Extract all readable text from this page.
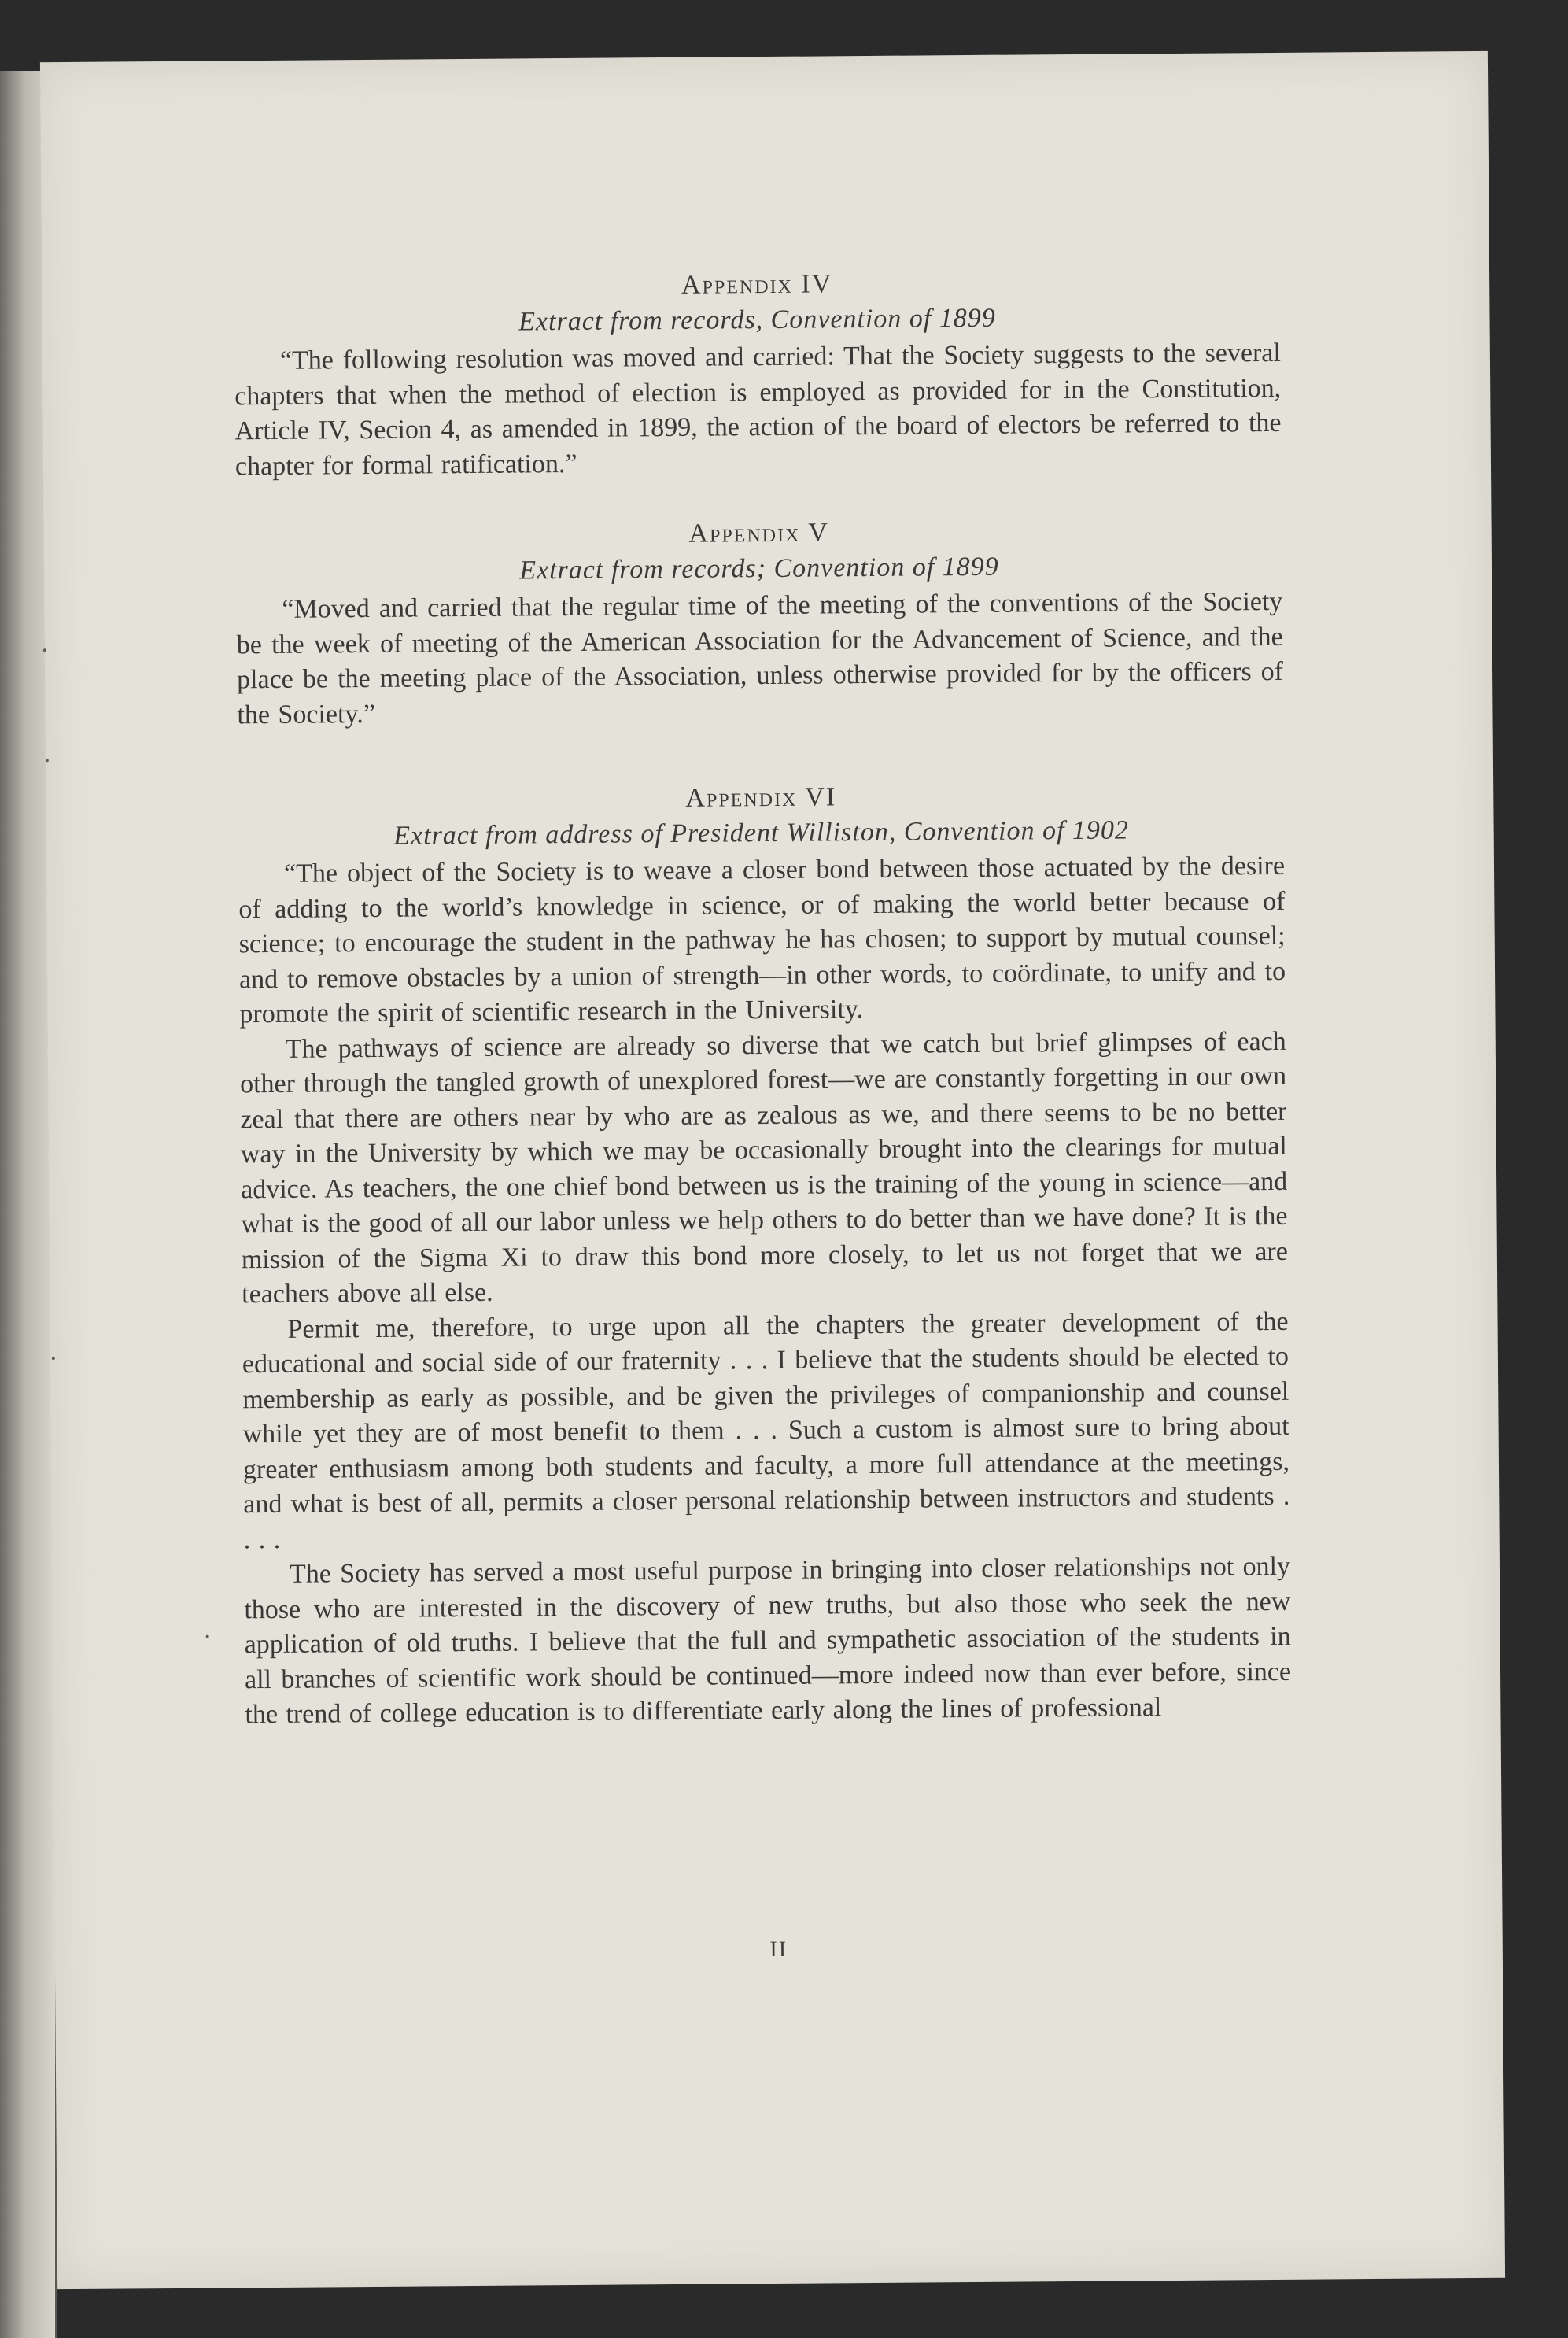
Appendix IV

Extract from records, Convention of 1899

“The following resolution was moved and carried: That the Society suggests to the several chapters that when the method of election is employed as provided for in the Constitution, Article IV, Secion 4, as amended in 1899, the action of the board of electors be referred to the chapter for formal ratification.”

Appendix V

Extract from records; Convention of 1899

“Moved and carried that the regular time of the meeting of the conventions of the Society be the week of meeting of the American Association for the Advancement of Science, and the place be the meeting place of the Association, unless otherwise provided for by the officers of the Society.”

Appendix VI

Extract from address of President Williston, Convention of 1902

“The object of the Society is to weave a closer bond between those actuated by the desire of adding to the world’s knowledge in science, or of making the world better because of science; to encourage the student in the pathway he has chosen; to support by mutual counsel; and to remove obstacles by a union of strength—in other words, to coördinate, to unify and to promote the spirit of scientific research in the University.

The pathways of science are already so diverse that we catch but brief glimpses of each other through the tangled growth of unexplored forest—we are constantly forgetting in our own zeal that there are others near by who are as zealous as we, and there seems to be no better way in the University by which we may be occasionally brought into the clearings for mutual advice. As teachers, the one chief bond between us is the training of the young in science—and what is the good of all our labor unless we help others to do better than we have done? It is the mission of the Sigma Xi to draw this bond more closely, to let us not forget that we are teachers above all else.

Permit me, therefore, to urge upon all the chapters the greater development of the educational and social side of our fraternity . . . I believe that the students should be elected to membership as early as possible, and be given the privileges of companionship and counsel while yet they are of most benefit to them . . . Such a custom is almost sure to bring about greater enthusiasm among both students and faculty, a more full attendance at the meetings, and what is best of all, permits a closer personal relationship between instructors and students . . . .

The Society has served a most useful purpose in bringing into closer relationships not only those who are interested in the discovery of new truths, but also those who seek the new application of old truths. I believe that the full and sympathetic association of the students in all branches of scientific work should be continued—more indeed now than ever before, since the trend of college education is to differentiate early along the lines of professional

II
